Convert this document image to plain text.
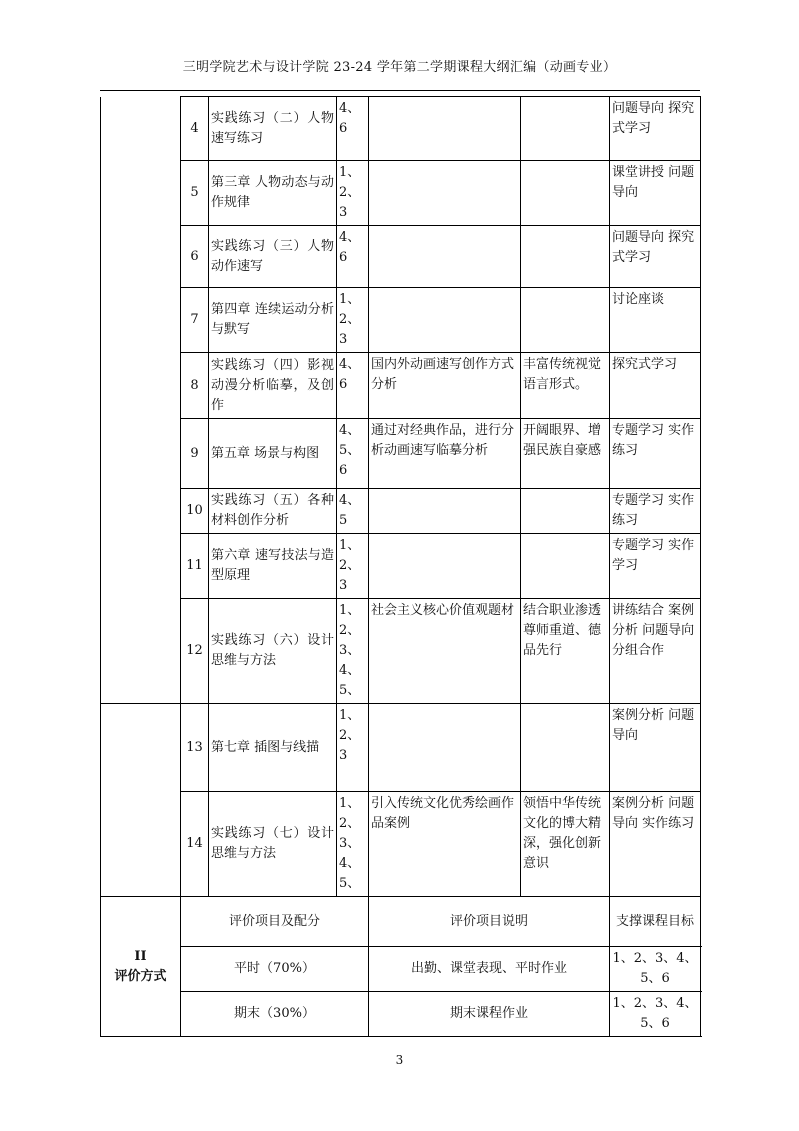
三明学院艺术与设计学院 23-24 学年第二学期课程大纲汇编（动画专业）
	4	实践练习（二）人物速写练习	4、6			问题导向 探究式学习
	5	第三章 人物动态与动作规律	1、2、3			课堂讲授 问题导向
	6	实践练习（三）人物动作速写	4、6			问题导向 探究式学习
	7	第四章 连续运动分析与默写	1、2、3			讨论座谈
	8	实践练习（四）影视动漫分析临摹，及创作	4、6	国内外动画速写创作方式分析	丰富传统视觉语言形式。	探究式学习
	9	第五章 场景与构图	4、5、6	通过对经典作品，进行分析动画速写临摹分析	开阔眼界、增强民族自豪感	专题学习 实作练习
	10	实践练习（五）各种材料创作分析	4、5			专题学习 实作练习
	11	第六章 速写技法与造型原理	1、2、3			专题学习 实作学习
	12	实践练习（六）设计思维与方法	1、2、3、4、5、	社会主义核心价值观题材	结合职业渗透尊师重道、德品先行	讲练结合 案例分析 问题导向 分组合作
	13	第七章 插图与线描	1、2、3			案例分析 问题导向
	14	实践练习（七）设计思维与方法	1、2、3、4、5、	引入传统文化优秀绘画作品案例	领悟中华传统文化的博大精深，强化创新意识	案例分析 问题导向 实作练习
II
评价方式	评价项目及配分			评价项目说明		支撑课程目标
	平时（70%）			出勤、课堂表现、平时作业		1、2、3、4、5、6
	期末（30%）			期末课程作业		1、2、3、4、5、6
3
